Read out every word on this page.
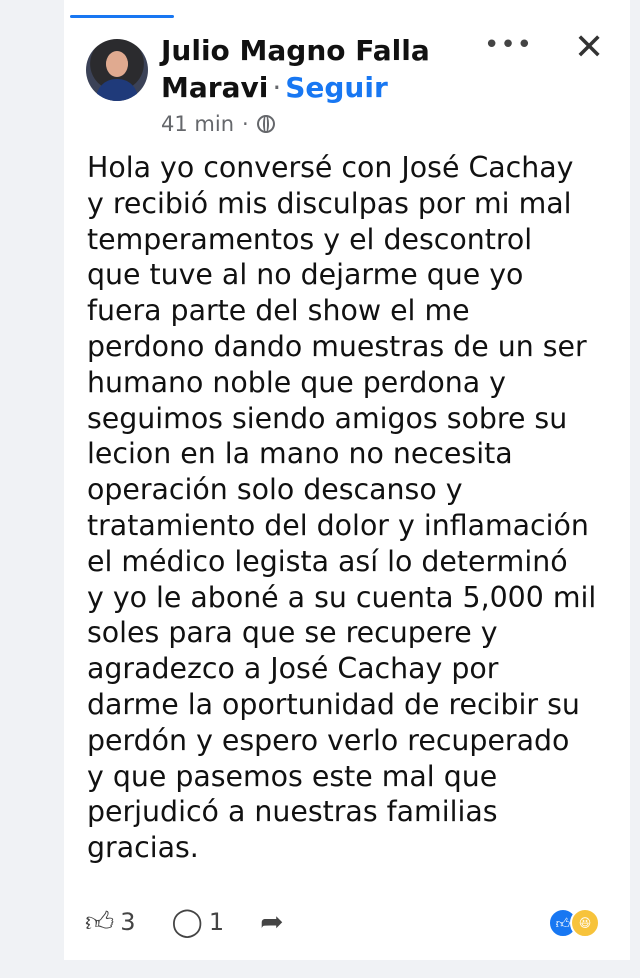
Julio Magno Falla
Maravi · Seguir
41 min ·
••• ✕

Hola yo conversé con José Cachay
y recibió mis disculpas por mi mal
temperamentos y el descontrol
que tuve al no dejarme que yo
fuera parte del show el me
perdono dando muestras de un ser
humano noble que perdona y
seguimos siendo amigos sobre su
lecion en la mano no necesita
operación solo descanso y
tratamiento del dolor y inflamación
el médico legista así lo determinó
y yo le aboné a su cuenta 5,000 mil
soles para que se recupere y
agradezco a José Cachay por
darme la oportunidad de recibir su
perdón y espero verlo recuperado
y que pasemos este mal que
perjudicó a nuestras familias
gracias.

👍︎ 3 ◯ 1 ➦	👍︎ 😆
